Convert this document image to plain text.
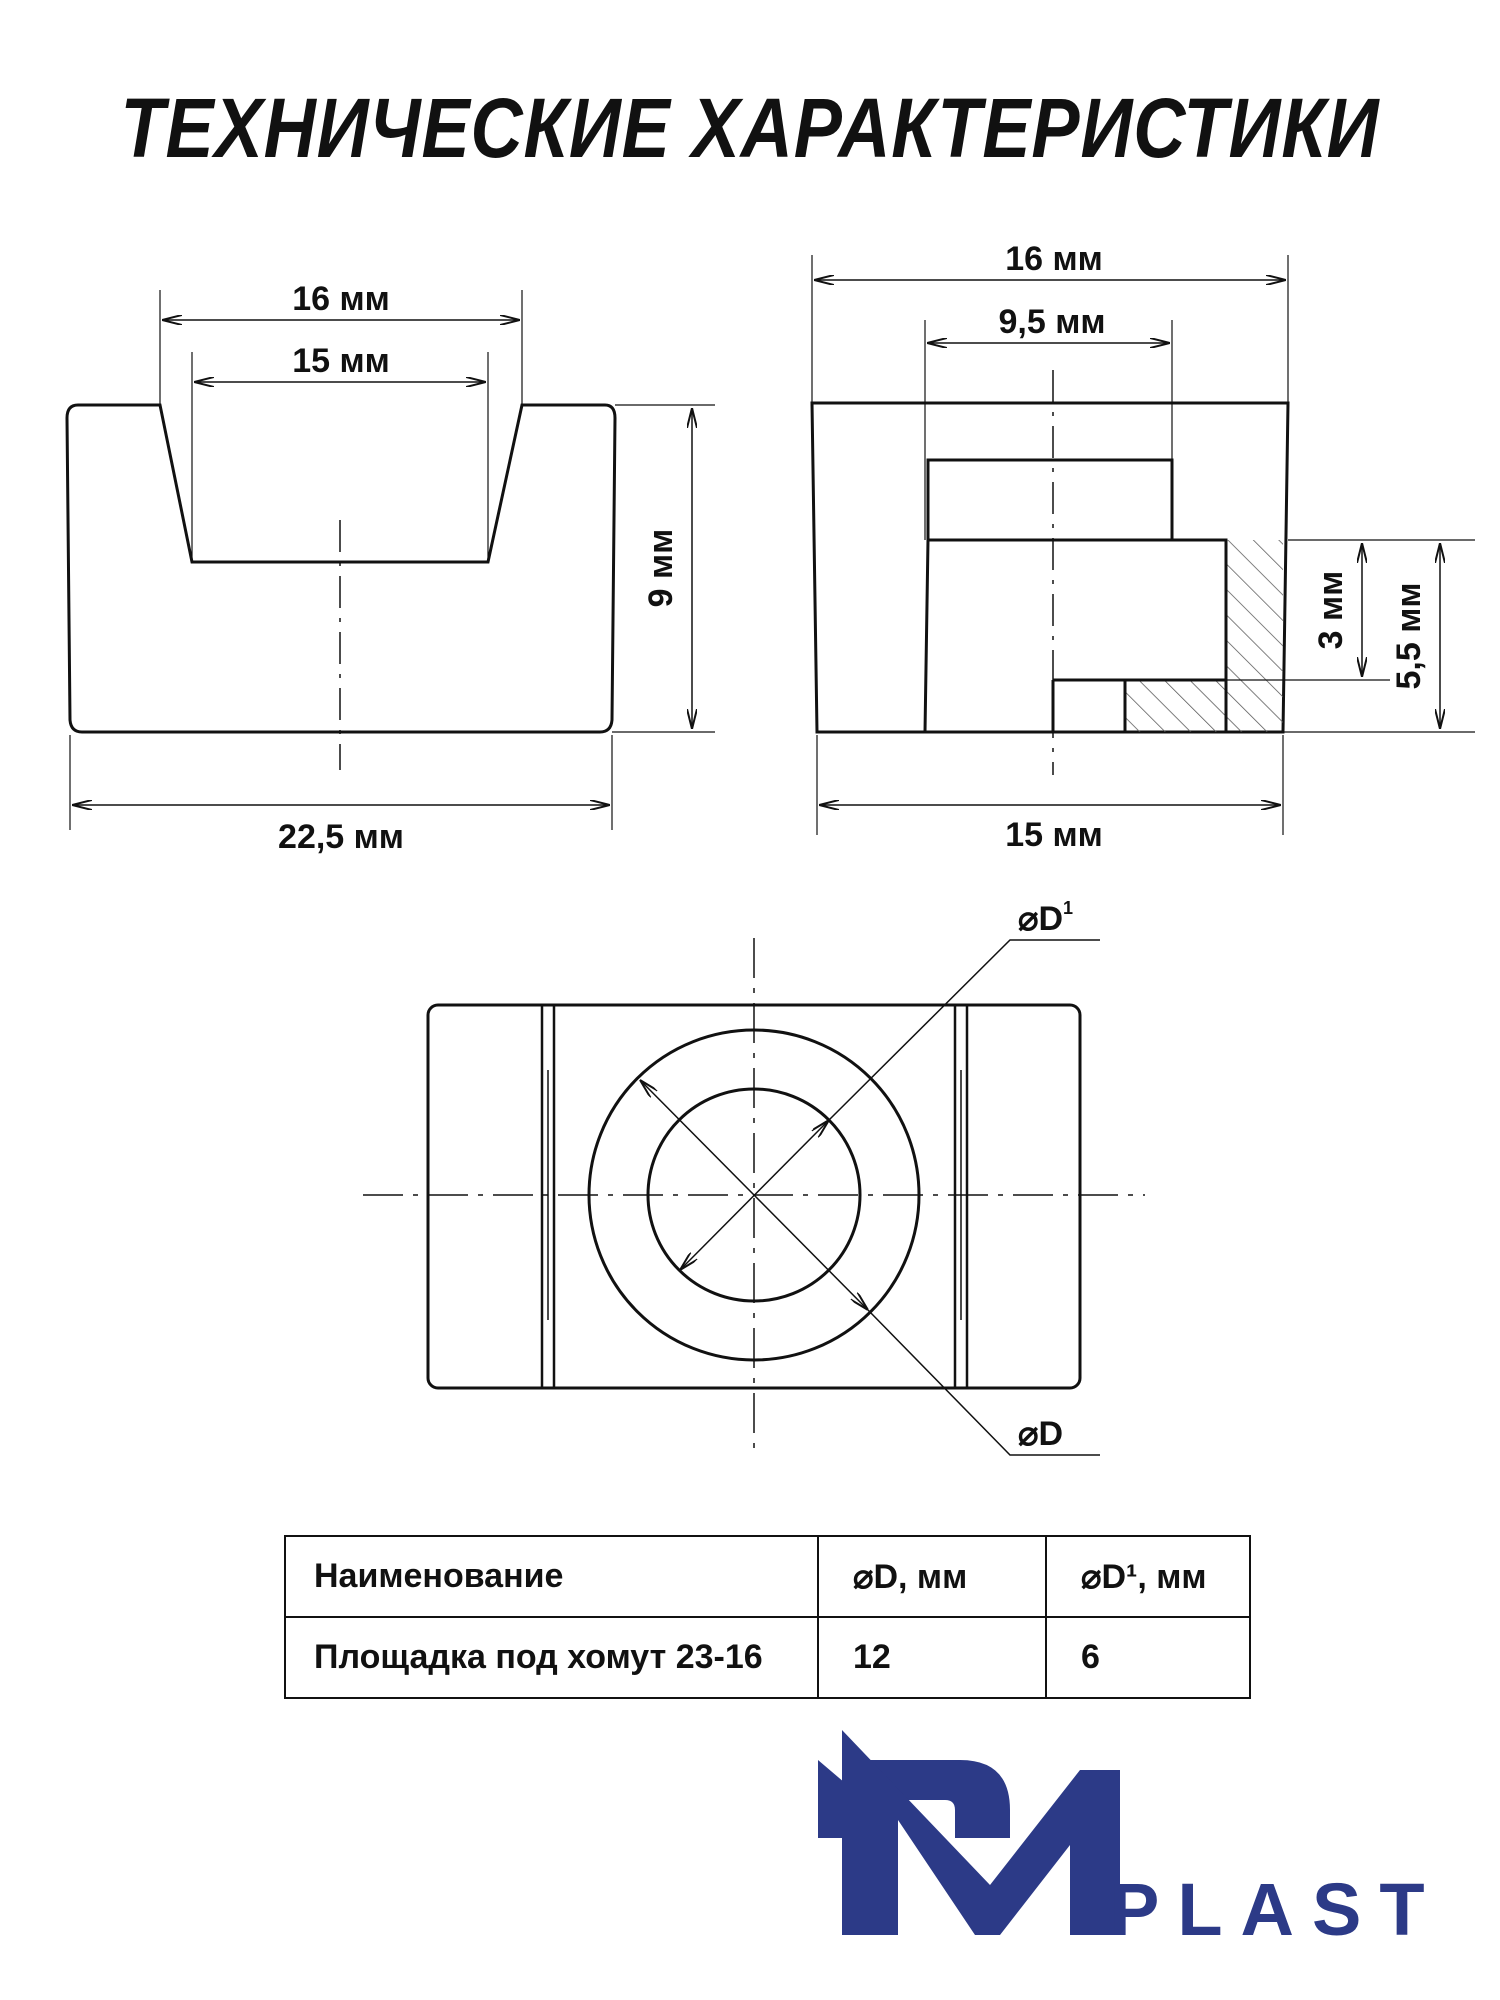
ТЕХНИЧЕСКИЕ ХАРАКТЕРИСТИКИ
16 мм
15 мм
9 мм
22,5 мм
16 мм
9,5 мм
3 мм 5,5 мм
15 мм
$⌀D^1$
⌀D
PLAST
Наименование	⌀D, мм	⌀D¹, мм
Площадка под хомут 23-16	12	6
